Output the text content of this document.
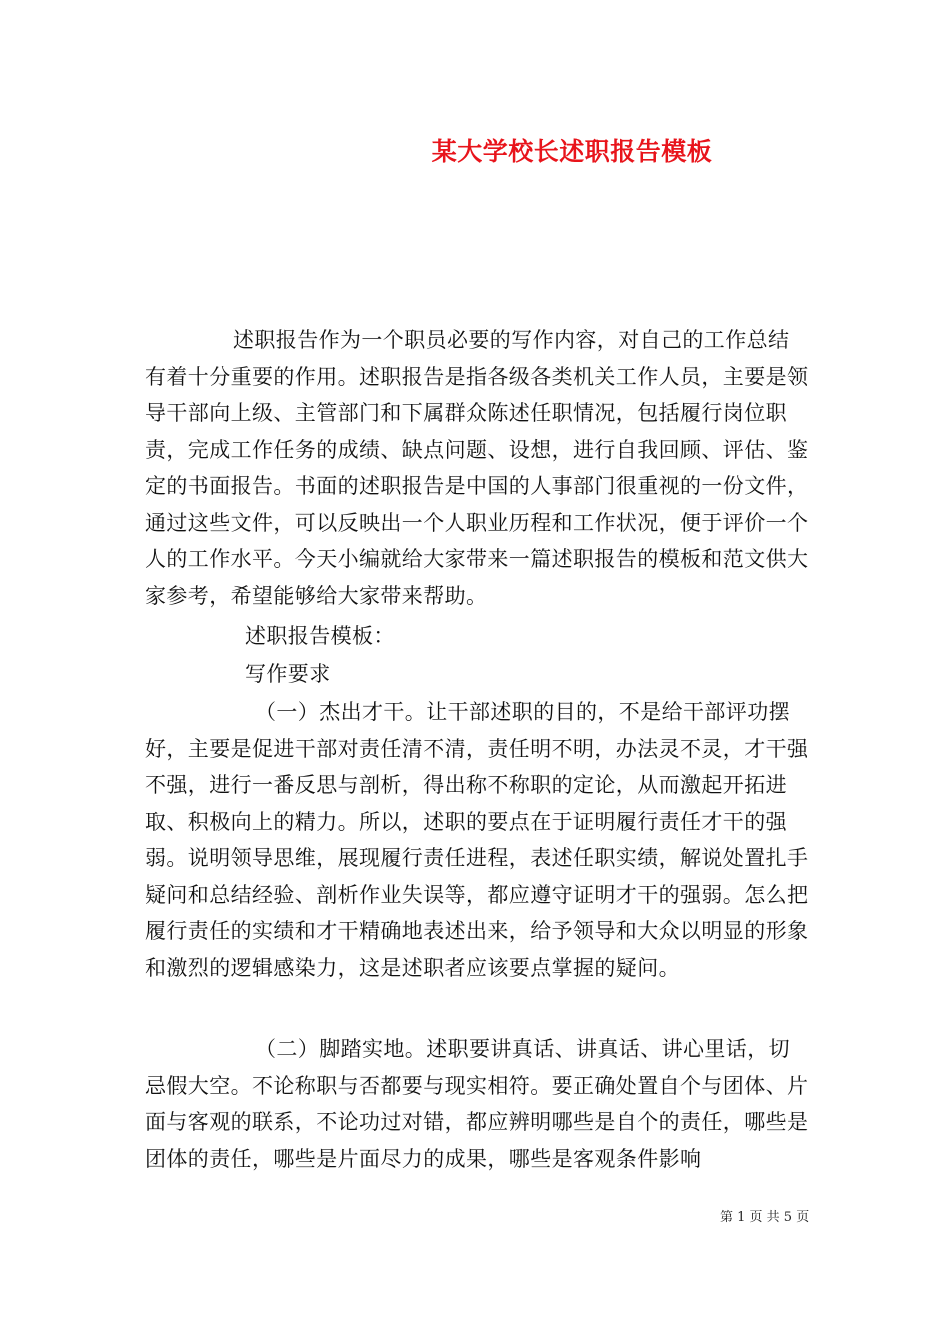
某大学校长述职报告模板

述职报告作为一个职员必要的写作内容，对自己的工作总结有着十分重要的作用。述职报告是指各级各类机关工作人员，主要是领导干部向上级、主管部门和下属群众陈述任职情况，包括履行岗位职责，完成工作任务的成绩、缺点问题、设想，进行自我回顾、评估、鉴定的书面报告。书面的述职报告是中国的人事部门很重视的一份文件，通过这些文件，可以反映出一个人职业历程和工作状况，便于评价一个人的工作水平。今天小编就给大家带来一篇述职报告的模板和范文供大家参考，希望能够给大家带来帮助。

述职报告模板：

写作要求

（一）杰出才干。让干部述职的目的，不是给干部评功摆好，主要是促进干部对责任清不清，责任明不明，办法灵不灵，才干强不强，进行一番反思与剖析，得出称不称职的定论，从而激起开拓进取、积极向上的精力。所以，述职的要点在于证明履行责任才干的强弱。说明领导思维，展现履行责任进程，表述任职实绩，解说处置扎手疑问和总结经验、剖析作业失误等，都应遵守证明才干的强弱。怎么把履行责任的实绩和才干精确地表述出来，给予领导和大众以明显的形象和激烈的逻辑感染力，这是述职者应该要点掌握的疑问。

（二）脚踏实地。述职要讲真话、讲真话、讲心里话，切忌假大空。不论称职与否都要与现实相符。要正确处置自个与团体、片面与客观的联系，不论功过对错，都应辨明哪些是自个的责任，哪些是团体的责任，哪些是片面尽力的成果，哪些是客观条件影响

第 1 页 共 5 页
